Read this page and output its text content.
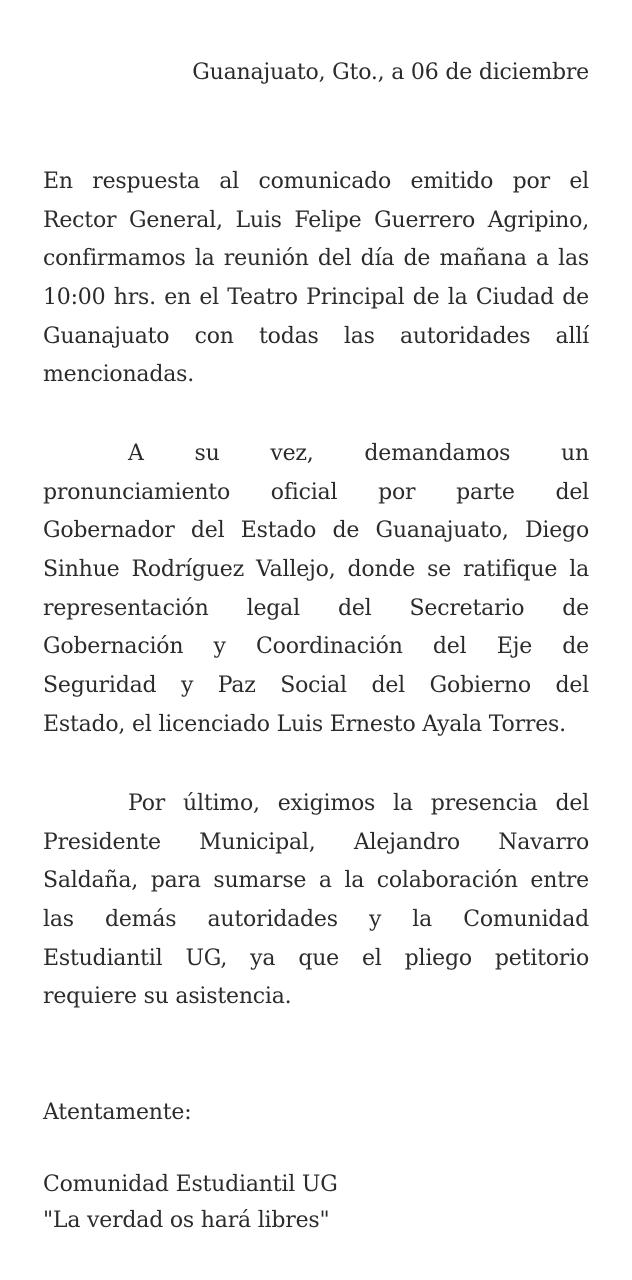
Guanajuato, Gto., a 06 de diciembre
En respuesta al comunicado emitido por el
Rector General, Luis Felipe Guerrero Agripino,
confirmamos la reunión del día de mañana a las
10:00 hrs. en el Teatro Principal de la Ciudad de
Guanajuato con todas las autoridades allí
mencionadas.
A su vez, demandamos un
pronunciamiento oficial por parte del
Gobernador del Estado de Guanajuato, Diego
Sinhue Rodríguez Vallejo, donde se ratifique la
representación legal del Secretario de
Gobernación y Coordinación del Eje de
Seguridad y Paz Social del Gobierno del
Estado, el licenciado Luis Ernesto Ayala Torres.
Por último, exigimos la presencia del
Presidente Municipal, Alejandro Navarro
Saldaña, para sumarse a la colaboración entre
las demás autoridades y la Comunidad
Estudiantil UG, ya que el pliego petitorio
requiere su asistencia.
Atentamente:
Comunidad Estudiantil UG
"La verdad os hará libres"
